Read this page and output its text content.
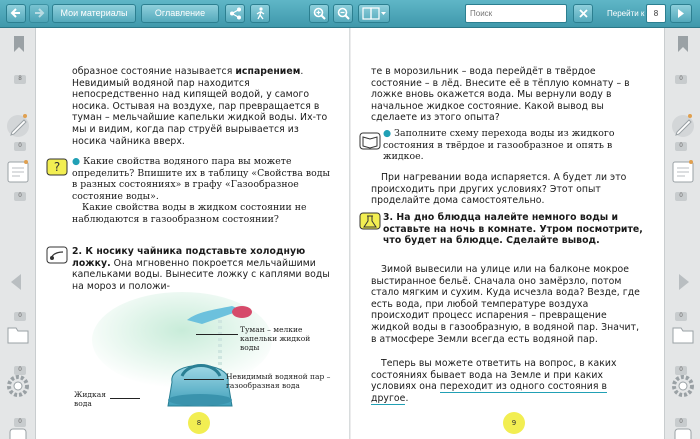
Мои материалы	Оглавление
Поиск	Перейти к	8
8
0
0
0
0
0
0
0
0
0
0
0
образное состояние называется испарением. Невидимый водяной пар находится непосредственно над кипящей водой, у самого носика. Остывая на воздухе, пар превращается в туман – мельчайшие капельки жидкой воды. Их-то мы и видим, когда пар струёй вырывается из носика чайника вверх.
? ● Какие свойства водяного пара вы можете определить? Впишите их в таблицу «Свойства воды в разных состояниях» в графу «Газообразное состояние воды».
Какие свойства воды в жидком состоянии не наблюдаются в газообразном состоянии?
2. К носику чайника подставьте холодную ложку. Она мгновенно покроется мельчайшими капельками воды. Вынесите ложку с каплями воды на мороз и положи-
Туман – мелкие капельки жидкой воды
Невидимый водяной пар – газообразная вода
Жидкая вода
8
те в морозильник – вода перейдёт в твёрдое состояние – в лёд. Внесите её в тёплую комнату – в ложке вновь окажется вода. Мы вернули воду в начальное жидкое состояние. Какой вывод вы сделаете из этого опыта?
● Заполните схему перехода воды из жидкого состояния в твёрдое и газообразное и опять в жидкое.
При нагревании вода испаряется. А будет ли это происходить при других условиях? Этот опыт проделайте дома самостоятельно.
3. На дно блюдца налейте немного воды и оставьте на ночь в комнате. Утром посмотрите, что будет на блюдце. Сделайте вывод.
Зимой вывесили на улице или на балконе мокрое выстиранное бельё. Сначала оно замёрзло, потом стало мягким и сухим. Куда исчезла вода? Везде, где есть вода, при любой температуре воздуха происходит процесс испарения – превращение жидкой воды в газообразную, в водяной пар. Значит, в атмосфере Земли всегда есть водяной пар.
Теперь вы можете ответить на вопрос, в каких состояниях бывает вода на Земле и при каких условиях она переходит из одного состояния в другое.
9
